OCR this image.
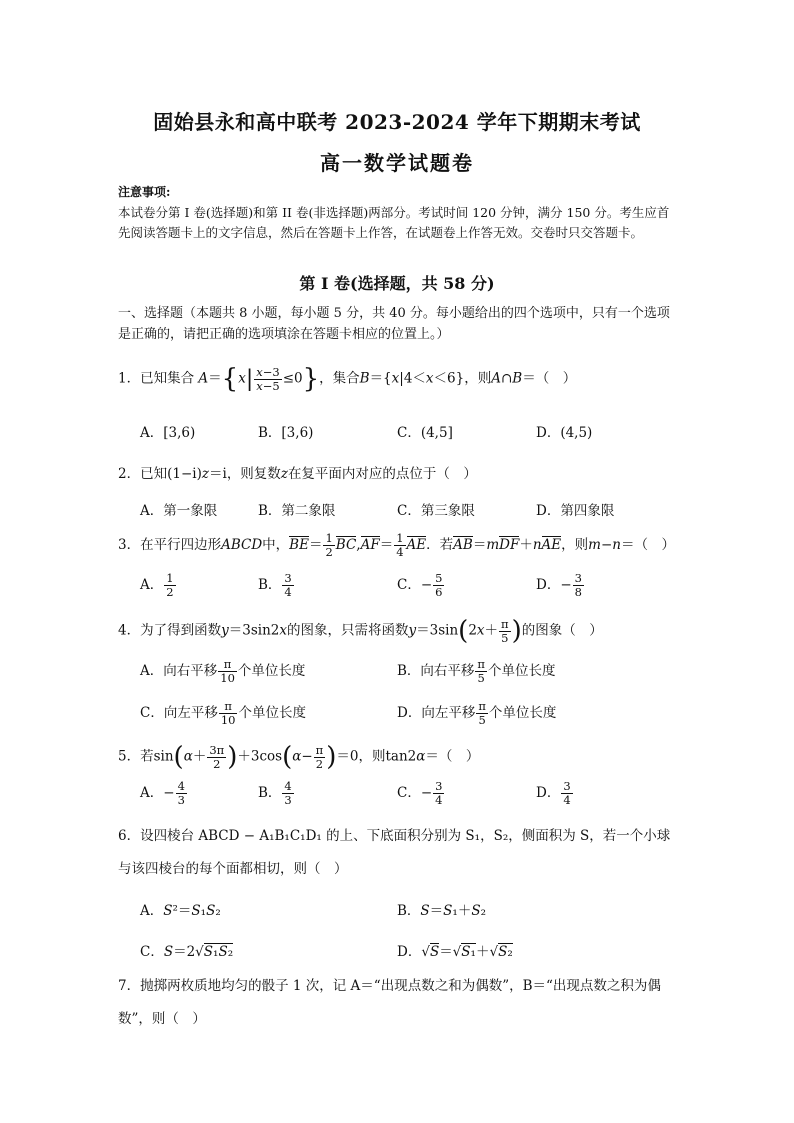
固始县永和高中联考 2023-2024 学年下期期末考试
高一数学试题卷
注意事项:
本试卷分第 I 卷(选择题)和第 II 卷(非选择题)两部分。考试时间 120 分钟，满分 150 分。考生应首先阅读答题卡上的文字信息，然后在答题卡上作答，在试题卷上作答无效。交卷时只交答题卡。
第 I 卷(选择题，共 58 分)
一、选择题（本题共 8 小题，每小题 5 分，共 40 分。每小题给出的四个选项中，只有一个选项是正确的，请把正确的选项填涂在答题卡相应的位置上。）
1．已知集合 $A=\{x| \frac{x-3}{x-5} \le 0\}$，集合B＝{x|4＜x＜6}，则A∩B＝（　）
A．[3,6)	B．[3,6)	C．(4,5]	D．(4,5)
2．已知(1−i)z＝i，则复数z在复平面内对应的点位于（　）
A．第一象限	B．第二象限	C．第三象限	D．第四象限
3．在平行四边形ABCD中，$BE= \frac{1}{2} BC,AF= \frac{1}{4}$ AE．若AB＝mDF＋nAE，则m−n＝（　）
A． $\frac{1}{2}$	B． $\frac{3}{4}$	C．− $\frac{5}{6}$	D．− $\frac{3}{8}$
4．为了得到函数y＝3sin2x的图象，只需将函数$y=3\sin(2x+ \frac{\pi}{5}$ )的图象（　）
A．向右平移 $\frac{\pi}{10}$ 个单位长度	B．向右平移 $\frac{\pi}{5}$ 个单位长度
C．向左平移 $\frac{\pi}{10}$ 个单位长度	D．向左平移 $\frac{\pi}{5}$ 个单位长度
5．若$\sin(\alpha+ \frac{3\pi}{2} )+3\cos(\alpha- \frac{\pi}{2} )=0$，则tan2α＝（　）
A．− $\frac{4}{3}$	B． $\frac{4}{3}$	C．− $\frac{3}{4}$	D． $\frac{3}{4}$
6．设四棱台 ABCD − A₁B₁C₁D₁ 的上、下底面积分别为 S₁，S₂，侧面积为 S，若一个小球与该四棱台的每个面都相切，则（　）
A．S²＝S₁S₂	B．S＝S₁＋S₂
C．S＝2√S₁S₂	D．√S＝√S₁＋√S₂
7．抛掷两枚质地均匀的骰子 1 次，记 A＝“出现点数之和为偶数”，B＝“出现点数之积为偶数”，则（　）
